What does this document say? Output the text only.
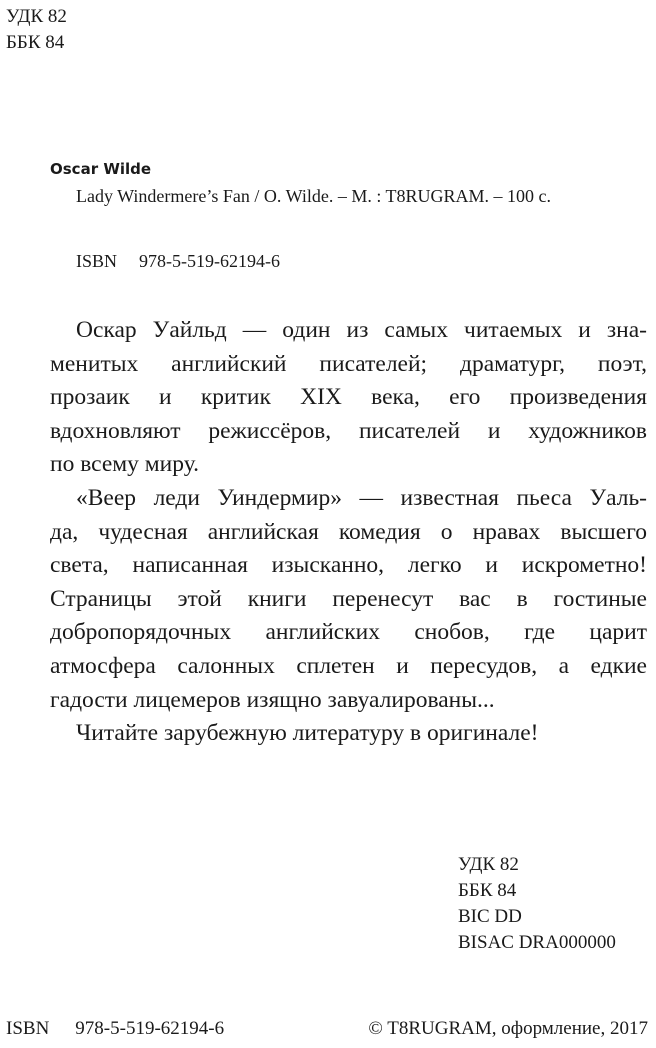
УДК 82
ББК 84
Oscar Wilde
Lady Windermere’s Fan / O. Wilde. – M. : T8RUGRAM. – 100 с.
ISBN 978-5-519-62194-6

Оскар Уайльд — один из самых читаемых и зна-
менитых английский писателей; драматург, поэт,
прозаик и критик XIX века, его произведения
вдохновляют режиссёров, писателей и художников
по всему миру.

«Веер леди Уиндермир» — известная пьеса Уаль-
да, чудесная английская комедия о нравах высшего
света, написанная изысканно, легко и искрометно!
Страницы этой книги перенесут вас в гостиные
добропорядочных английских снобов, где царит
атмосфера салонных сплетен и пересудов, а едкие
гадости лицемеров изящно завуалированы...

Читайте зарубежную литературу в оригинале!

УДК 82
ББК 84
BIC DD
BISAC DRA000000
ISBN 978-5-519-62194-6	© T8RUGRAM, оформление, 2017
